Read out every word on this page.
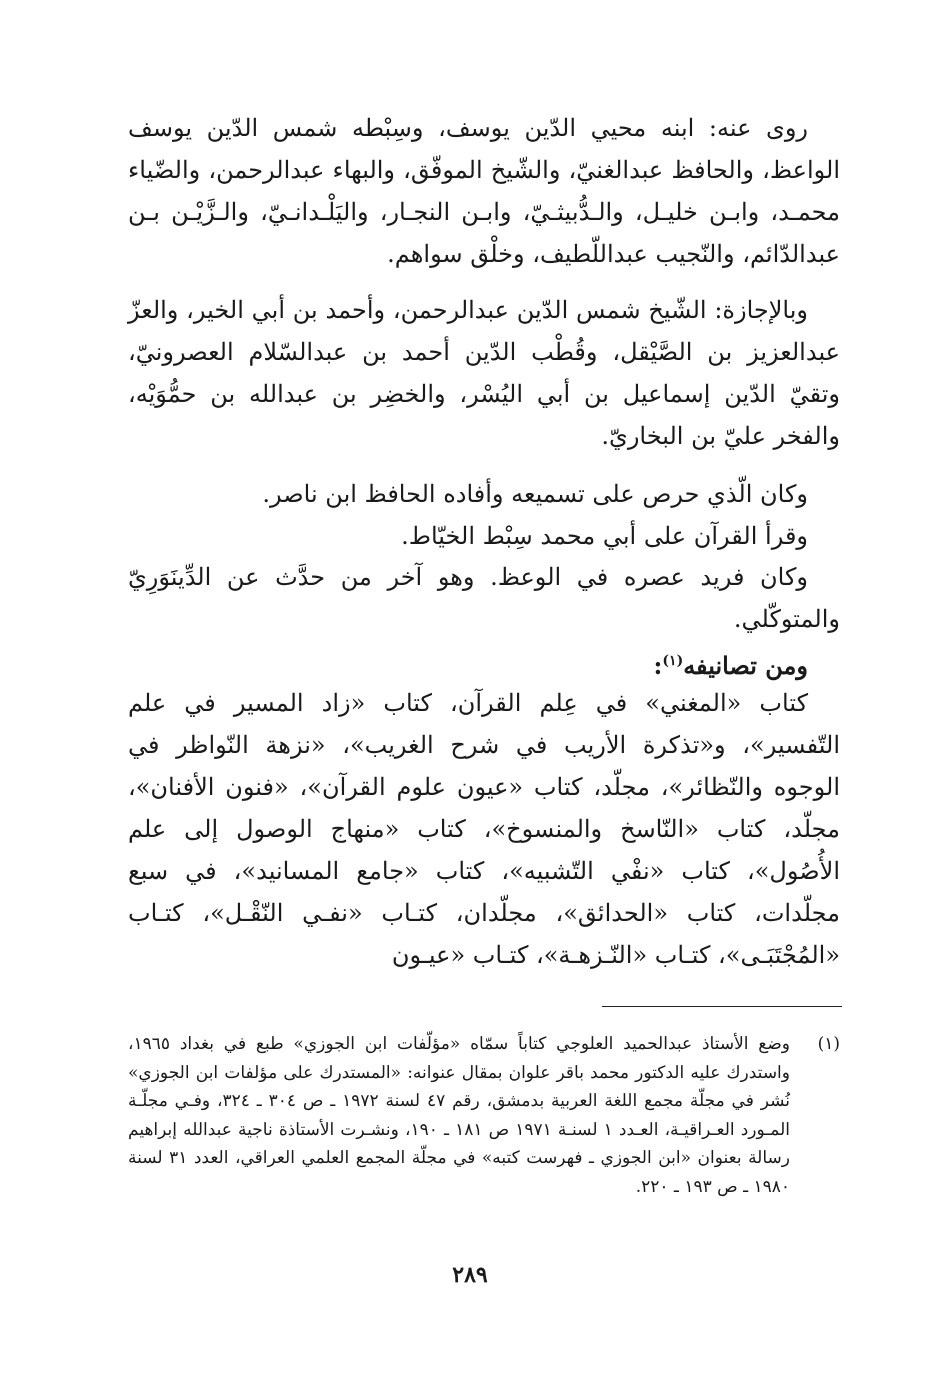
روى عنه: ابنه محيي الدّين يوسف، وسِبْطه شمس الدّين يوسف الواعظ، والحافظ عبدالغنيّ، والشّيخ الموفّق، والبهاء عبدالرحمن، والضّياء محمـد، وابـن خليـل، والـدُّبيثـيّ، وابـن النجـار، واليَلْـدانـيّ، والـزَّيْـن بـن عبدالدّائم، والنّجيب عبداللّطيف، وخلْق سواهم.

وبالإجازة: الشّيخ شمس الدّين عبدالرحمن، وأحمد بن أبي الخير، والعزّ عبدالعزيز بن الصَّيْقل، وقُطْب الدّين أحمد بن عبدالسّلام العصرونيّ، وتقيّ الدّين إسماعيل بن أبي اليُسْر، والخضِر بن عبدالله بن حمُّوَيْه، والفخر عليّ بن البخاريّ.

وكان الّذي حرص على تسميعه وأفاده الحافظ ابن ناصر.

وقرأ القرآن على أبي محمد سِبْط الخيّاط.

وكان فريد عصره في الوعظ. وهو آخر من حدَّث عن الدِّينَوَرِيّ والمتوكّلي.

ومن تصانيفه$^{(١)}$:

كتاب «المغني» في عِلم القرآن، كتاب «زاد المسير في علم التّفسير»، و«تذكرة الأريب في شرح الغريب»، «نزهة النّواظر في الوجوه والنّظائر»، مجلّد، كتاب «عيون علوم القرآن»، «فنون الأفنان»، مجلّد، كتاب «النّاسخ والمنسوخ»، كتاب «منهاج الوصول إلى علم الأُصُول»، كتاب «نفْي التّشبيه»، كتاب «جامع المسانيد»، في سبع مجلّدات، كتاب «الحدائق»، مجلّدان، كتـاب «نفـي النّقْـل»، كتـاب «المُجْتَبَـى»، كتـاب «النّـزهـة»، كتـاب «عيـون

(١)
وضع الأستاذ عبدالحميد العلوجي كتاباً سمّاه «مؤلّفات ابن الجوزي» طبع في بغداد ١٩٦٥، واستدرك عليه الدكتور محمد باقر علوان بمقال عنوانه: «المستدرك على مؤلفات ابن الجوزي» نُشر في مجلّة مجمع اللغة العربية بدمشق، رقم ٤٧ لسنة ١٩٧٢ ـ ص ٣٠٤ ـ ٣٢٤، وفـي مجلّـة المـورد العـراقيـة، العـدد ١ لسنـة ١٩٧١ ص ١٨١ ـ ١٩٠، ونشـرت الأستاذة ناجية عبدالله إبراهيم رسالة بعنوان «ابن الجوزي ـ فهرست كتبه» في مجلّة المجمع العلمي العراقي، العدد ٣١ لسنة ١٩٨٠ ـ ص ١٩٣ ـ ٢٢٠.
٢٨٩
